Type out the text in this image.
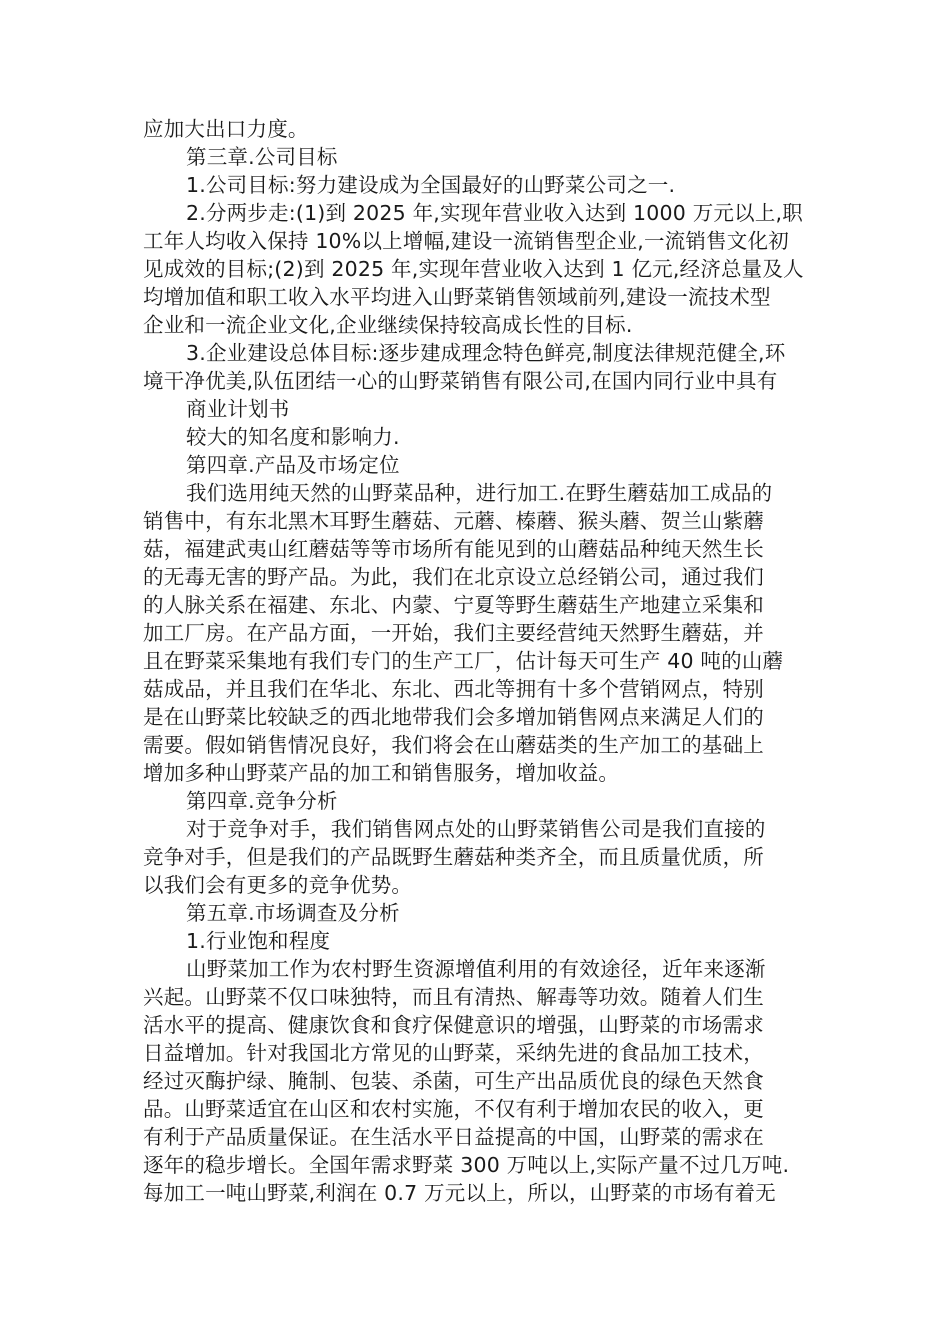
应加大出口力度。
第三章.公司目标
1.公司目标:努力建设成为全国最好的山野菜公司之一.
2.分两步走:(1)到 2025 年,实现年营业收入达到 1000 万元以上,职
工年人均收入保持 10%以上增幅,建设一流销售型企业,一流销售文化初
见成效的目标;(2)到 2025 年,实现年营业收入达到 1 亿元,经济总量及人
均增加值和职工收入水平均进入山野菜销售领域前列,建设一流技术型
企业和一流企业文化,企业继续保持较高成长性的目标.
3.企业建设总体目标:逐步建成理念特色鲜亮,制度法律规范健全,环
境干净优美,队伍团结一心的山野菜销售有限公司,在国内同行业中具有
商业计划书
较大的知名度和影响力.
第四章.产品及市场定位
我们选用纯天然的山野菜品种，进行加工.在野生蘑菇加工成品的
销售中，有东北黑木耳野生蘑菇、元蘑、榛蘑、猴头蘑、贺兰山紫蘑
菇，福建武夷山红蘑菇等等市场所有能见到的山蘑菇品种纯天然生长
的无毒无害的野产品。为此，我们在北京设立总经销公司，通过我们
的人脉关系在福建、东北、内蒙、宁夏等野生蘑菇生产地建立采集和
加工厂房。在产品方面，一开始，我们主要经营纯天然野生蘑菇，并
且在野菜采集地有我们专门的生产工厂，估计每天可生产 40 吨的山蘑
菇成品，并且我们在华北、东北、西北等拥有十多个营销网点，特别
是在山野菜比较缺乏的西北地带我们会多增加销售网点来满足人们的
需要。假如销售情况良好，我们将会在山蘑菇类的生产加工的基础上
增加多种山野菜产品的加工和销售服务，增加收益。
第四章.竞争分析
对于竞争对手，我们销售网点处的山野菜销售公司是我们直接的
竞争对手，但是我们的产品既野生蘑菇种类齐全，而且质量优质，所
以我们会有更多的竞争优势。
第五章.市场调查及分析
1.行业饱和程度
山野菜加工作为农村野生资源增值利用的有效途径，近年来逐渐
兴起。山野菜不仅口味独特，而且有清热、解毒等功效。随着人们生
活水平的提高、健康饮食和食疗保健意识的增强，山野菜的市场需求
日益增加。针对我国北方常见的山野菜，采纳先进的食品加工技术，
经过灭酶护绿、腌制、包装、杀菌，可生产出品质优良的绿色天然食
品。山野菜适宜在山区和农村实施，不仅有利于增加农民的收入，更
有利于产品质量保证。在生活水平日益提高的中国，山野菜的需求在
逐年的稳步增长。全国年需求野菜 300 万吨以上,实际产量不过几万吨.
每加工一吨山野菜,利润在 0.7 万元以上，所以，山野菜的市场有着无
